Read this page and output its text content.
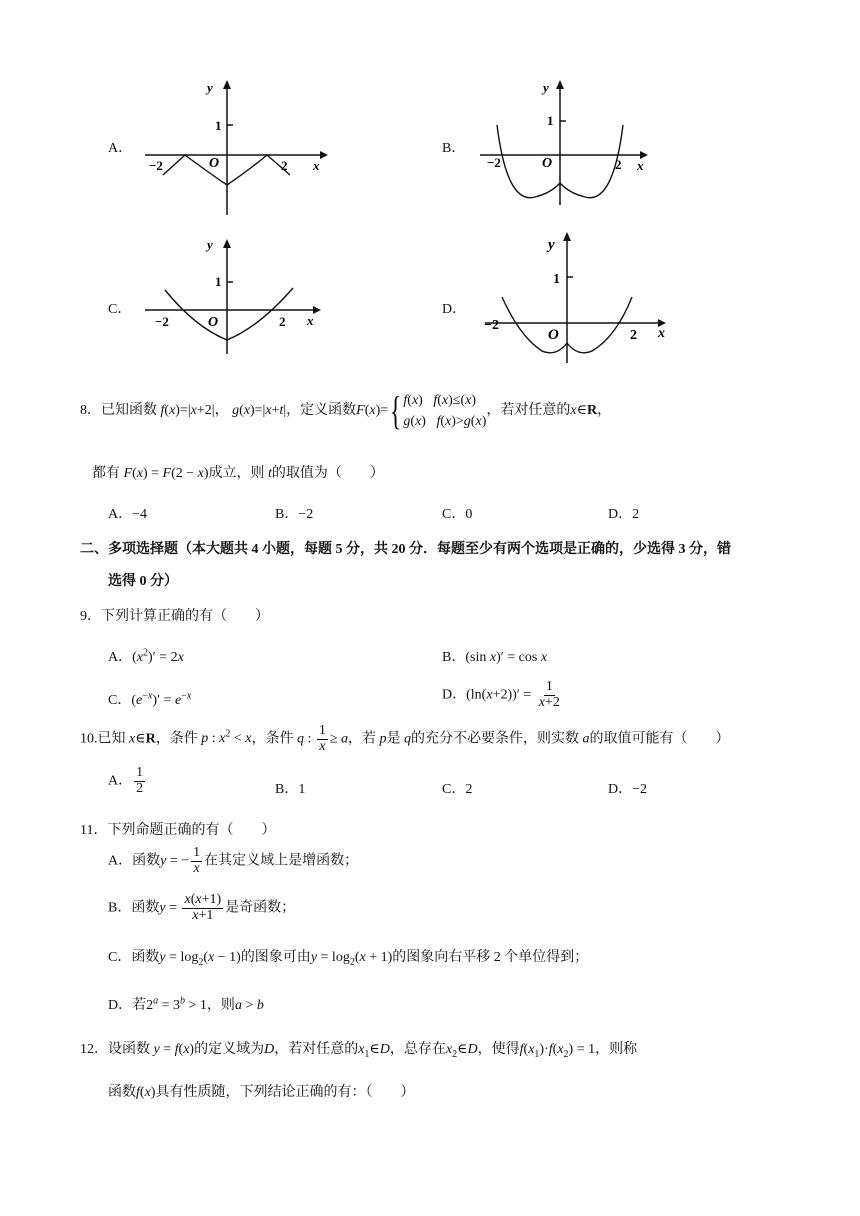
A．
y
x
O
1
−2	2
B．
y
x
O
1
−2	2
C．
y
x
O
1
−2	2
D．
y
x
O
1
−2
2
8．已知函数 f(x)=|x+2|， g(x)=|x+t|，定义函数F(x)={ f(x)   f(x)≤(x)
g(x)   f(x)>g(x)
，若对任意的x∈R，
都有 F(x) = F(2 − x)成立，则 t的取值为（　　）
A．−4	B．−2	C．0	D．2
二、多项选择题（本大题共 4 小题，每题 5 分，共 20 分．每题至少有两个选项是正确的，少选得 3 分，错
选得 0 分）
9．下列计算正确的有（　　）
A．$(x^2)' = 2x$	B．(sin x)′ = cos x
C．$(e^{-x})' = e^{-x}$	D．$(\ln(x+2))' = \frac{1}{x+2}$
10.已知 x∈R，条件 p : $x^2 < x$，条件 q : $\frac{1}{x} \ge a$，若 p是 q的充分不必要条件，则实数 a的取值可能有（　　）
A． $\frac{1}{2}$	B．1	C．2	D．−2
11．下列命题正确的有（　　）
A．函数y = − $\frac{1}{x}$ 在其定义域上是增函数；
B．函数$y = \frac{x(x+1)}{x+1}$ 是奇函数；
C．函数$y = \log_2(x - 1)$的图象可由$y = \log_2(x + 1)$的图象向右平移 2 个单位得到；
D．若$2^a = 3^b > 1$，则a > b
12．设函数 y = f(x)的定义域为D，若对任意的$x_1\in D$，总存在$x_2\in D$，使得$f(x_1)\cdot f(x_2) = 1$，则称
函数f(x)具有性质随，下列结论正确的有：（　　）
